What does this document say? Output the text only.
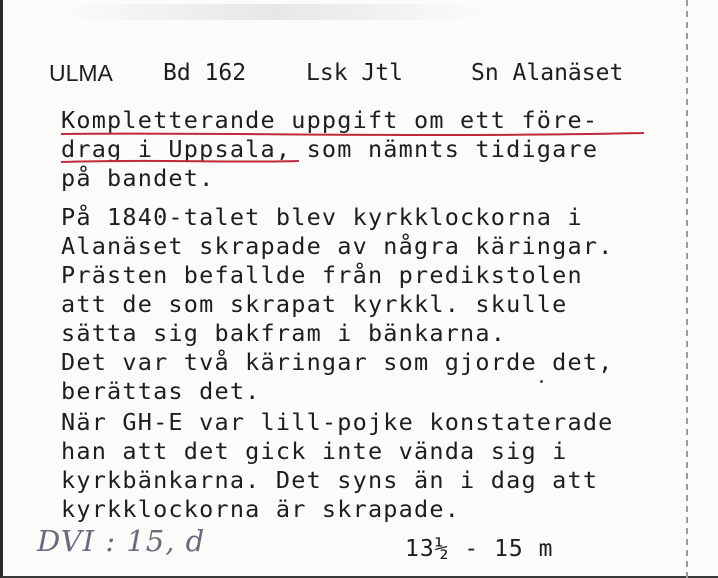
ULMA Bd 162	Lsk Jtl	Sn Alanäset

Kompletterande uppgift om ett före-
drag i Uppsala, som nämnts tidigare
på bandet.

På 1840-talet blev kyrkklockorna i
Alanäset skrapade av några käringar.
Prästen befallde från predikstolen
att de som skrapat kyrkkl. skulle
sätta sig bakfram i bänkarna.
Det var två käringar som gjorde det,
berättas det.

När GH-E var lill-pojke konstaterade
han att det gick inte vända sig i
kyrkbänkarna. Det syns än i dag att
kyrkklockorna är skrapade.

DVI : 15, d	13½ - 15 m
